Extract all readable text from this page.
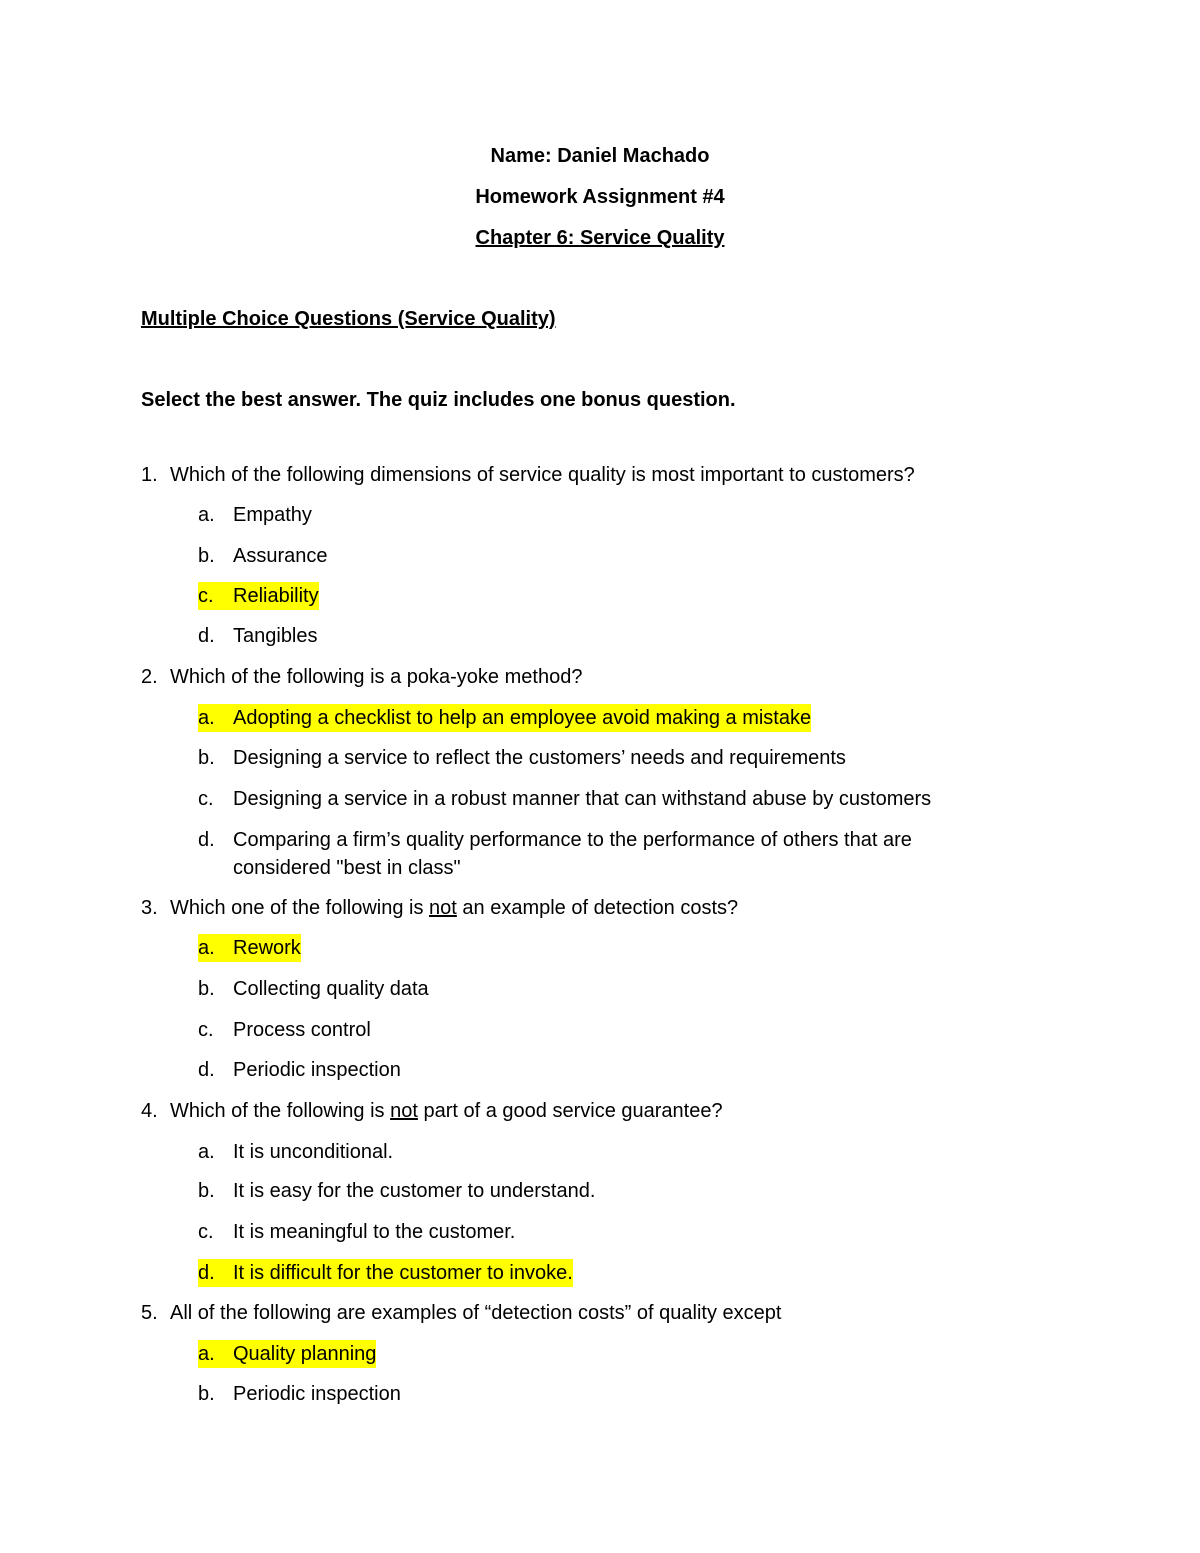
Name: Daniel Machado
Homework Assignment #4
Chapter 6: Service Quality
Multiple Choice Questions (Service Quality)
Select the best answer. The quiz includes one bonus question.
1. Which of the following dimensions of service quality is most important to customers?
a. Empathy
b. Assurance
c. Reliability
d. Tangibles
2. Which of the following is a poka-yoke method?
a. Adopting a checklist to help an employee avoid making a mistake
b. Designing a service to reflect the customers’ needs and requirements
c. Designing a service in a robust manner that can withstand abuse by customers
d. Comparing a firm’s quality performance to the performance of others that are
considered "best in class"
3. Which one of the following is not an example of detection costs?
a. Rework
b. Collecting quality data
c. Process control
d. Periodic inspection
4. Which of the following is not part of a good service guarantee?
a. It is unconditional.
b. It is easy for the customer to understand.
c. It is meaningful to the customer.
d. It is difficult for the customer to invoke.
5. All of the following are examples of “detection costs” of quality except
a. Quality planning
b. Periodic inspection
